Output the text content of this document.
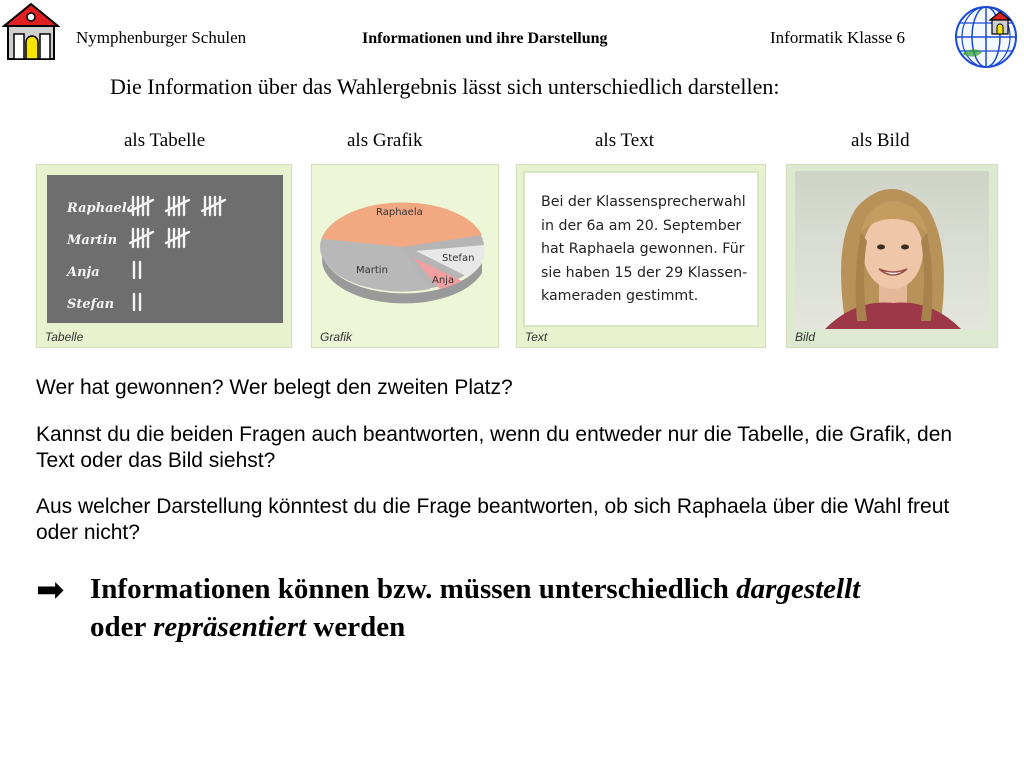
Nymphenburger Schulen	Informationen und ihre Darstellung	Informatik Klasse 6
Die Information über das Wahlergebnis lässt sich unterschiedlich darstellen:
als Tabelle	als Grafik	als Text	als Bild
Raphaela
Martin
Anja
Stefan
Tabelle
Raphaela
Martin
Anja
Stefan
Grafik
Bei der Klassensprecherwahl
in der 6a am 20. September
hat Raphaela gewonnen. Für
sie haben 15 der 29 Klassen-
kameraden gestimmt.
Text	Bild
Wer hat gewonnen? Wer belegt den zweiten Platz?
Kannst du die beiden Fragen auch beantworten, wenn du entweder nur die Tabelle, die Grafik, den Text oder das Bild siehst?
Aus welcher Darstellung könntest du die Frage beantworten, ob sich Raphaela über die Wahl freut oder nicht?
➡ Informationen können bzw. müssen unterschiedlich dargestellt
oder repräsentiert werden
